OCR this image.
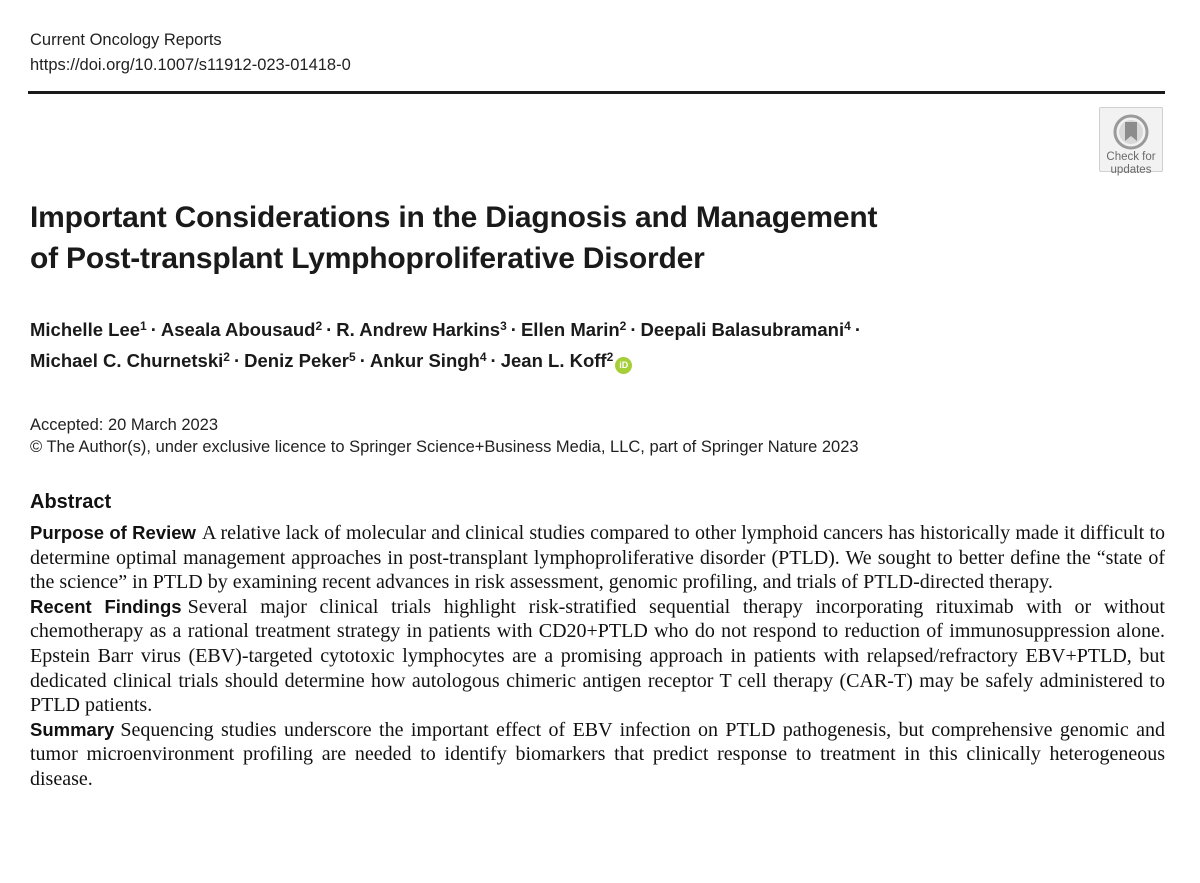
Current Oncology Reports
https://doi.org/10.1007/s11912-023-01418-0
Check for
updates
Important Considerations in the Diagnosis and Management
of Post-transplant Lymphoproliferative Disorder
Michelle Lee$^1$ · Aseala Abousaud$^2$ · R. Andrew Harkins$^3$ · Ellen Marin$^2$ · Deepali Balasubramani$^4$ ·
Michael C. Churnetski$^2$ · Deniz Peker$^5$ · Ankur Singh$^4$ · Jean L. Koff$^2$iD
Accepted: 20 March 2023
© The Author(s), under exclusive licence to Springer Science+Business Media, LLC, part of Springer Nature 2023
Abstract

Purpose of Review A relative lack of molecular and clinical studies compared to other lymphoid cancers has historically made it difficult to determine optimal management approaches in post-transplant lymphoproliferative disorder (PTLD). We sought to better define the “state of the science” in PTLD by examining recent advances in risk assessment, genomic profiling, and trials of PTLD-directed therapy.

Recent Findings Several major clinical trials highlight risk-stratified sequential therapy incorporating rituximab with or without chemotherapy as a rational treatment strategy in patients with CD20+PTLD who do not respond to reduction of immunosuppression alone. Epstein Barr virus (EBV)-targeted cytotoxic lymphocytes are a promising approach in patients with relapsed/refractory EBV+PTLD, but dedicated clinical trials should determine how autologous chimeric antigen receptor T cell therapy (CAR-T) may be safely administered to PTLD patients.

Summary Sequencing studies underscore the important effect of EBV infection on PTLD pathogenesis, but comprehensive genomic and tumor microenvironment profiling are needed to identify biomarkers that predict response to treatment in this clinically heterogeneous disease.
